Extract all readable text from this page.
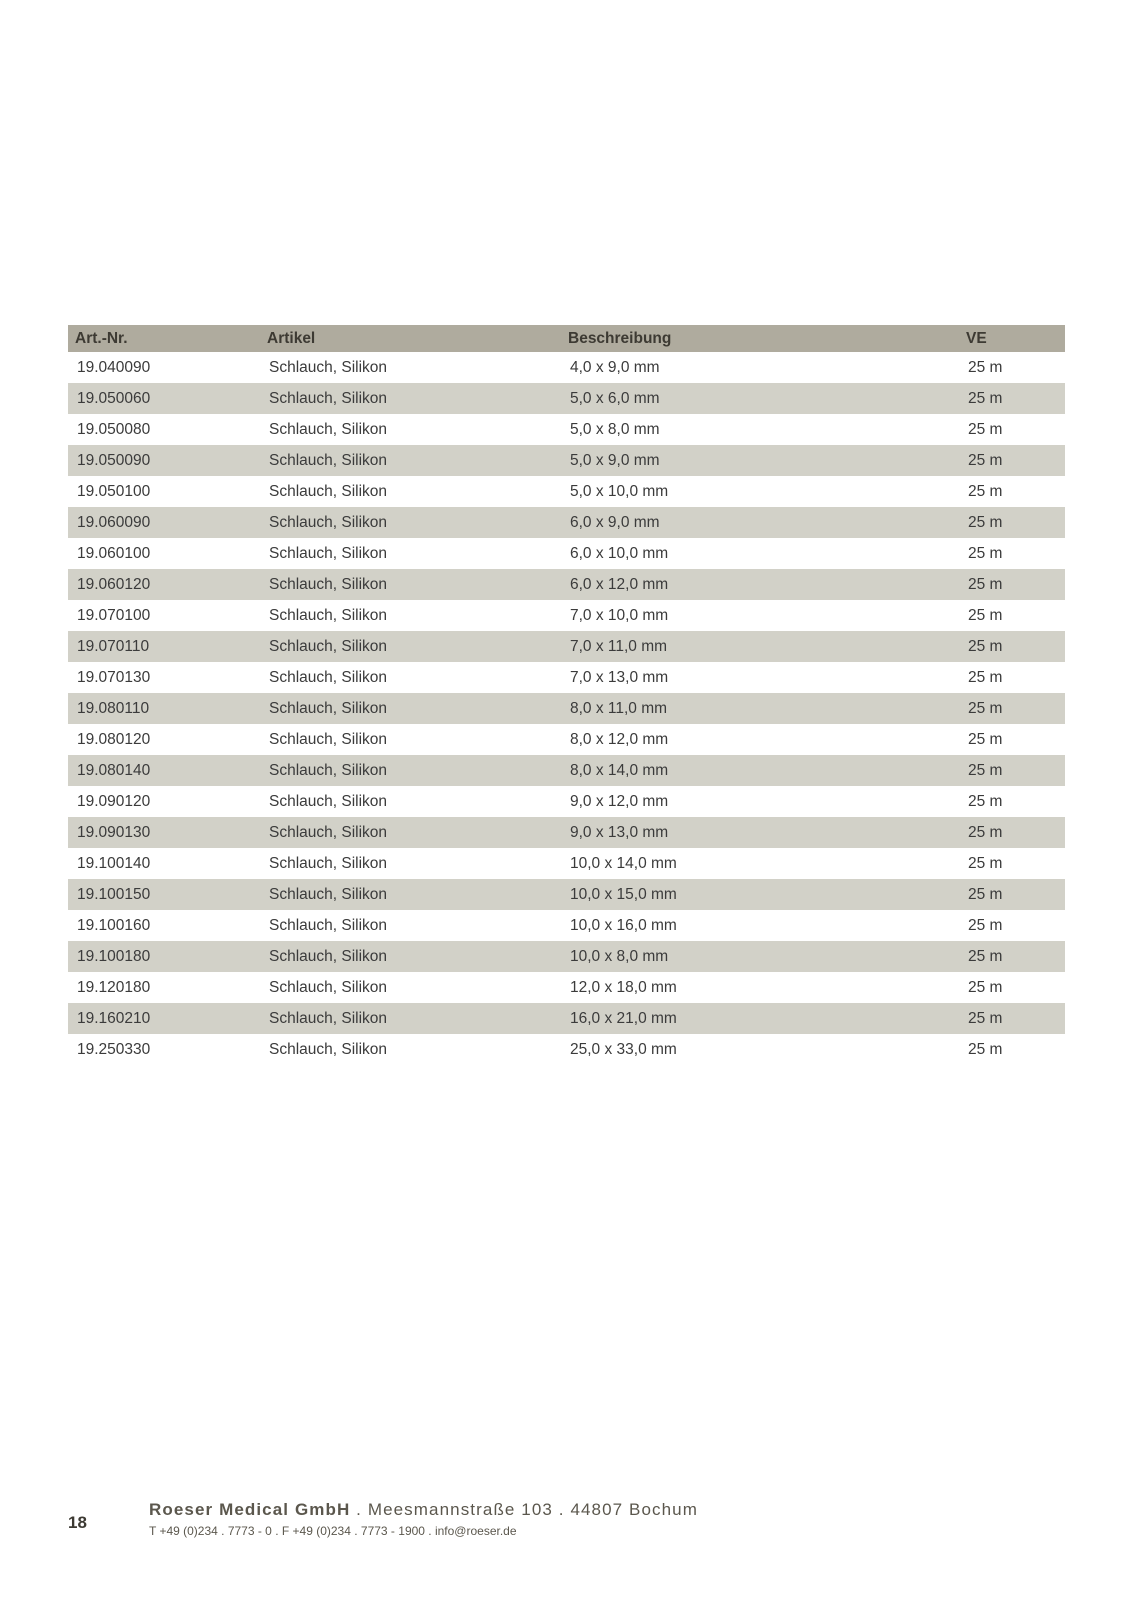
Art.-Nr.	Artikel	Beschreibung	VE
19.040090	Schlauch, Silikon	4,0 x 9,0 mm	25 m
19.050060	Schlauch, Silikon	5,0 x 6,0 mm	25 m
19.050080	Schlauch, Silikon	5,0 x 8,0 mm	25 m
19.050090	Schlauch, Silikon	5,0 x 9,0 mm	25 m
19.050100	Schlauch, Silikon	5,0 x 10,0 mm	25 m
19.060090	Schlauch, Silikon	6,0 x 9,0 mm	25 m
19.060100	Schlauch, Silikon	6,0 x 10,0 mm	25 m
19.060120	Schlauch, Silikon	6,0 x 12,0 mm	25 m
19.070100	Schlauch, Silikon	7,0 x 10,0 mm	25 m
19.070110	Schlauch, Silikon	7,0 x 11,0 mm	25 m
19.070130	Schlauch, Silikon	7,0 x 13,0 mm	25 m
19.080110	Schlauch, Silikon	8,0 x 11,0 mm	25 m
19.080120	Schlauch, Silikon	8,0 x 12,0 mm	25 m
19.080140	Schlauch, Silikon	8,0 x 14,0 mm	25 m
19.090120	Schlauch, Silikon	9,0 x 12,0 mm	25 m
19.090130	Schlauch, Silikon	9,0 x 13,0 mm	25 m
19.100140	Schlauch, Silikon	10,0 x 14,0 mm	25 m
19.100150	Schlauch, Silikon	10,0 x 15,0 mm	25 m
19.100160	Schlauch, Silikon	10,0 x 16,0 mm	25 m
19.100180	Schlauch, Silikon	10,0 x 8,0 mm	25 m
19.120180	Schlauch, Silikon	12,0 x 18,0 mm	25 m
19.160210	Schlauch, Silikon	16,0 x 21,0 mm	25 m
19.250330	Schlauch, Silikon	25,0 x 33,0 mm	25 m
18
Roeser Medical GmbH . Meesmannstraße 103 . 44807 Bochum
T +49 (0)234 . 7773 - 0 . F +49 (0)234 . 7773 - 1900 . info@roeser.de
